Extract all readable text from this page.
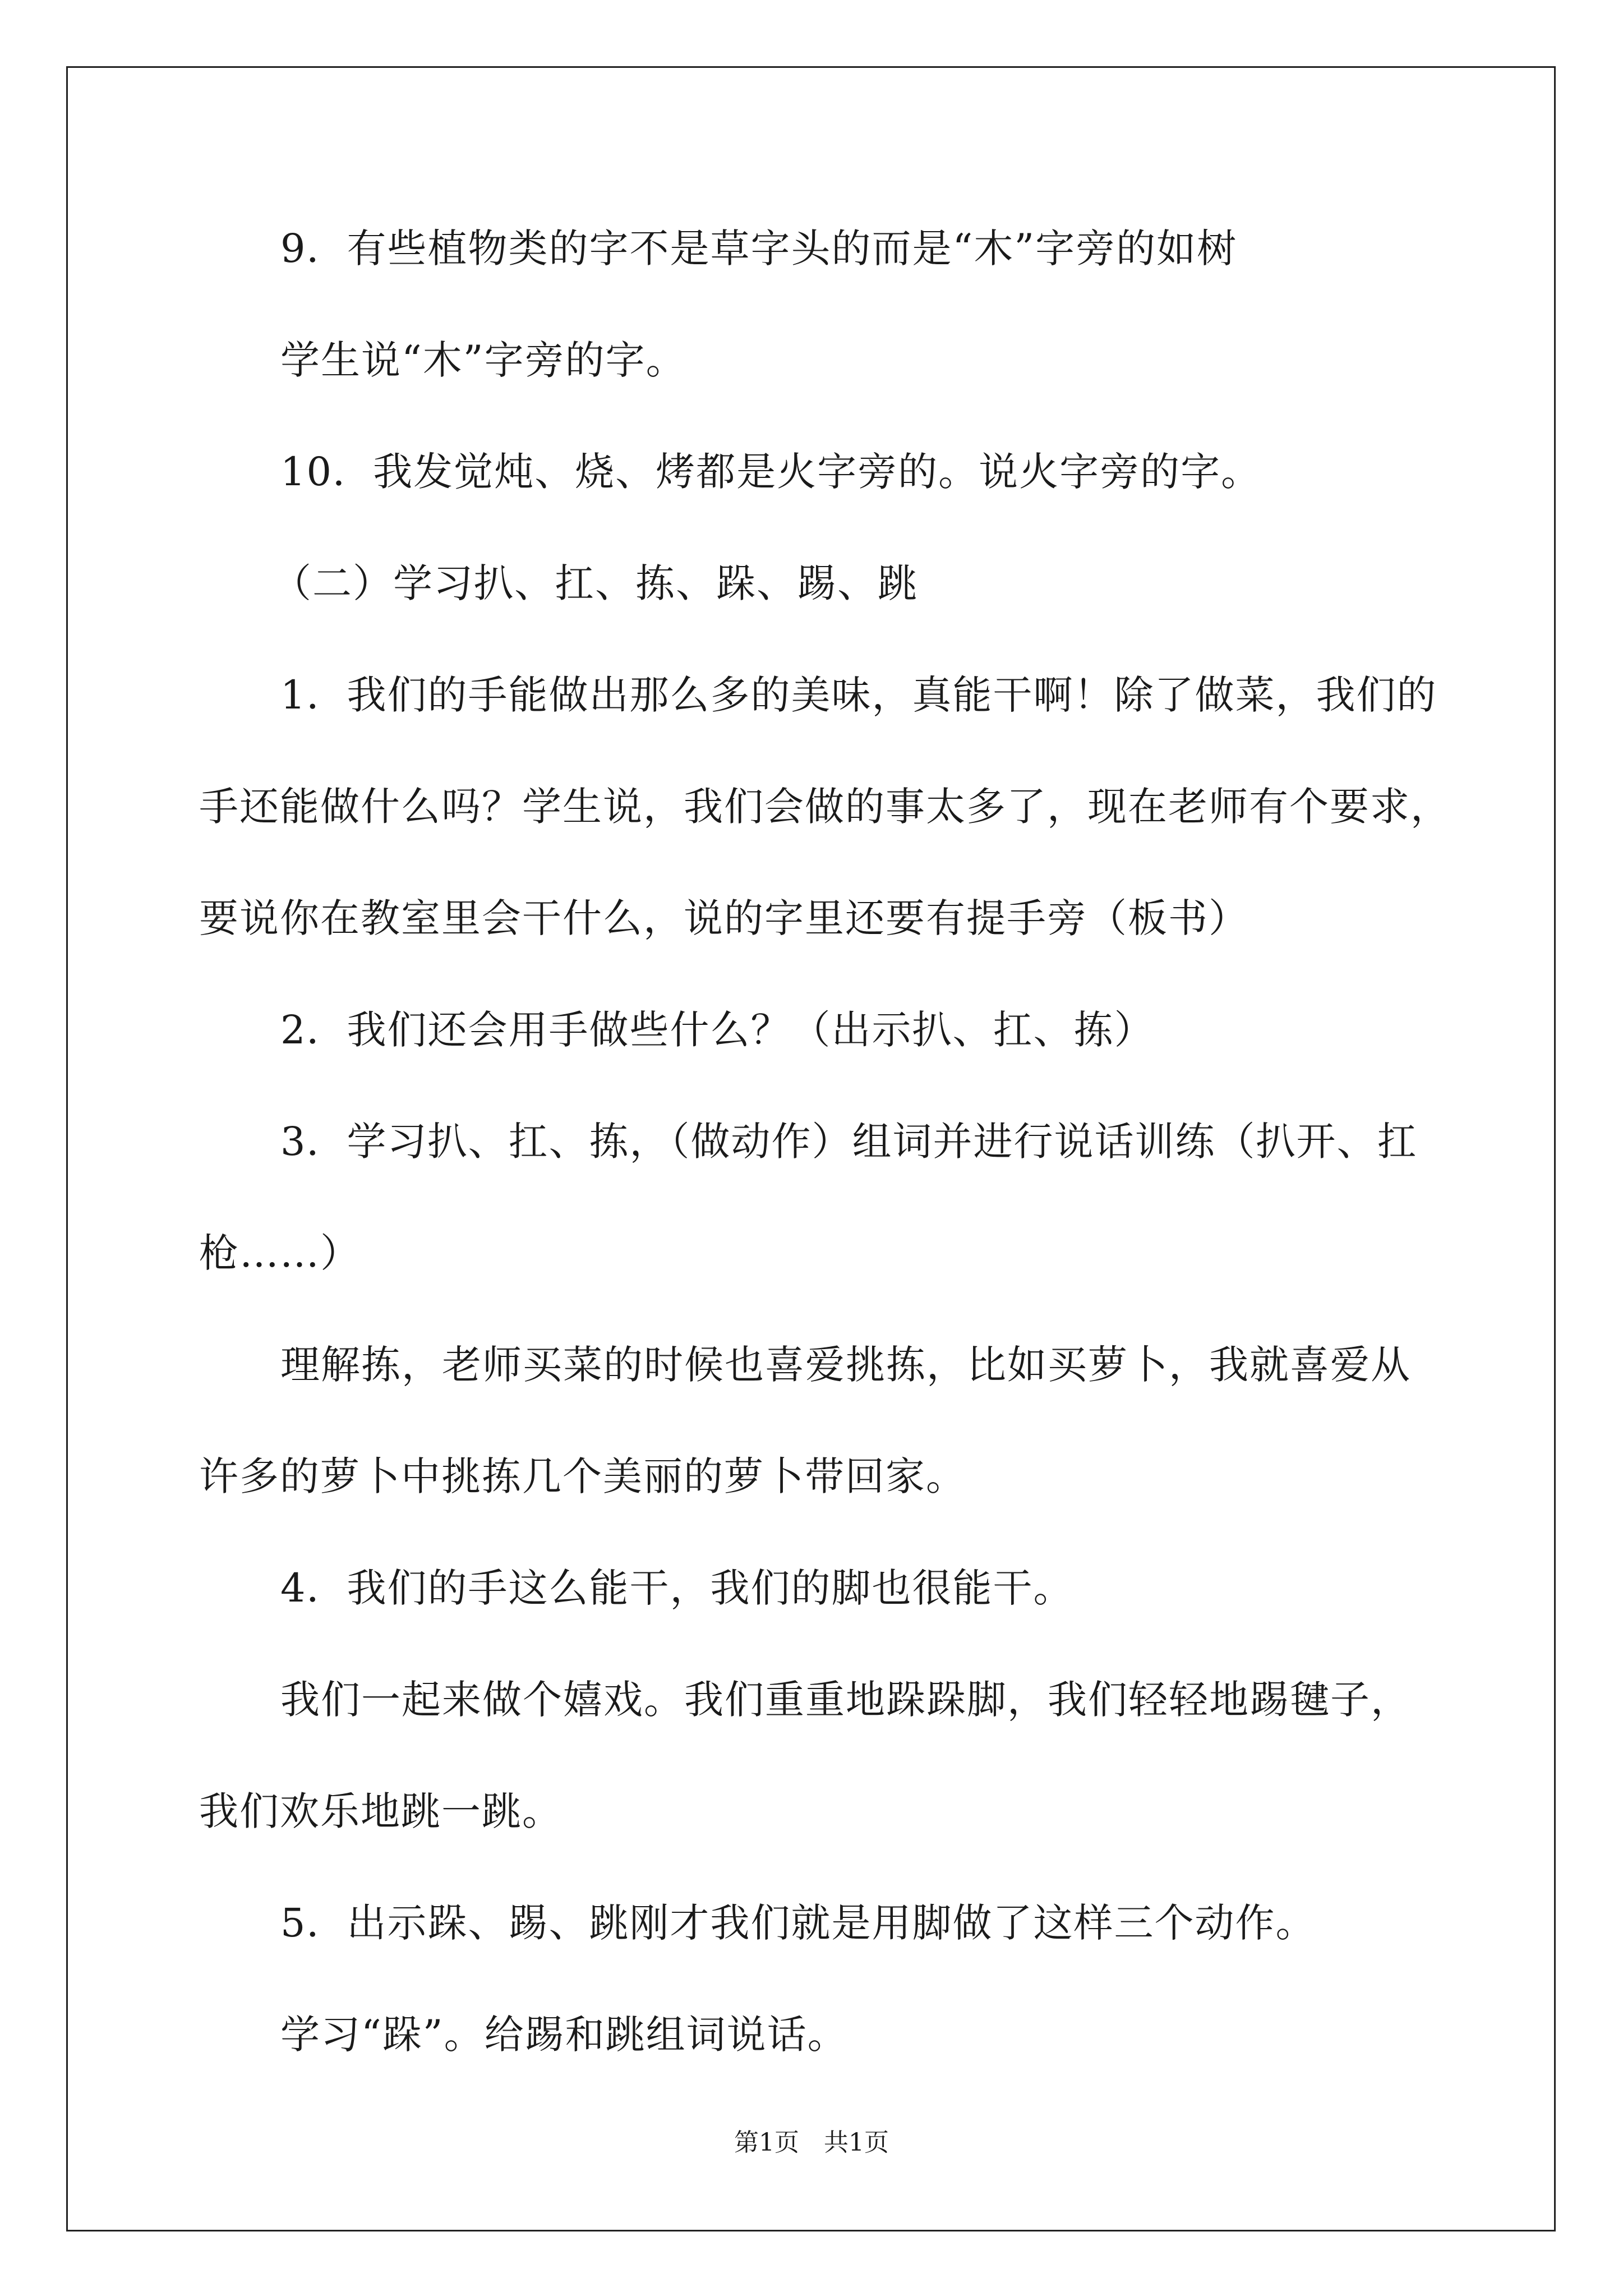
9．有些植物类的字不是草字头的而是“木”字旁的如树
学生说“木”字旁的字。
10．我发觉炖、烧、烤都是火字旁的。说火字旁的字。
（二）学习扒、扛、拣、跺、踢、跳
1．我们的手能做出那么多的美味，真能干啊！除了做菜，我们的
手还能做什么吗？学生说，我们会做的事太多了，现在老师有个要求，
要说你在教室里会干什么，说的字里还要有提手旁（板书）
2．我们还会用手做些什么？（出示扒、扛、拣）
3．学习扒、扛、拣，（做动作）组词并进行说话训练（扒开、扛
枪……）
理解拣，老师买菜的时候也喜爱挑拣，比如买萝卜，我就喜爱从
许多的萝卜中挑拣几个美丽的萝卜带回家。
4．我们的手这么能干，我们的脚也很能干。
我们一起来做个嬉戏。我们重重地跺跺脚，我们轻轻地踢毽子，
我们欢乐地跳一跳。
5．出示跺、踢、跳刚才我们就是用脚做了这样三个动作。
学习“跺”。给踢和跳组词说话。
第1页　共1页
